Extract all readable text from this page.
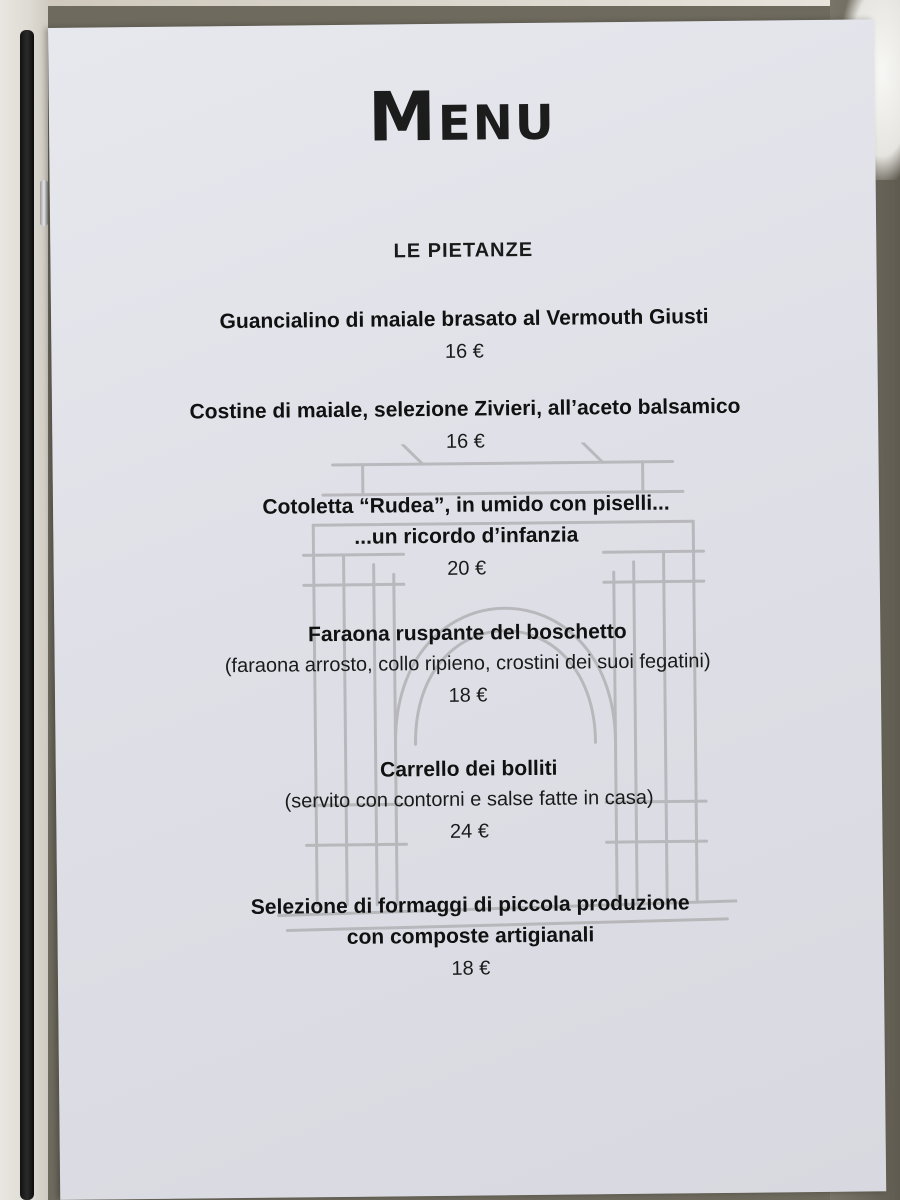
Menu
LE PIETANZE
Guancialino di maiale brasato al Vermouth Giusti
16 €
Costine di maiale, selezione Zivieri, all’aceto balsamico
16 €
Cotoletta “Rudea”, in umido con piselli...
...un ricordo d’infanzia
20 €
Faraona ruspante del boschetto
(faraona arrosto, collo ripieno, crostini dei suoi fegatini)
18 €
Carrello dei bolliti
(servito con contorni e salse fatte in casa)
24 €
Selezione di formaggi di piccola produzione
con composte artigianali
18 €
